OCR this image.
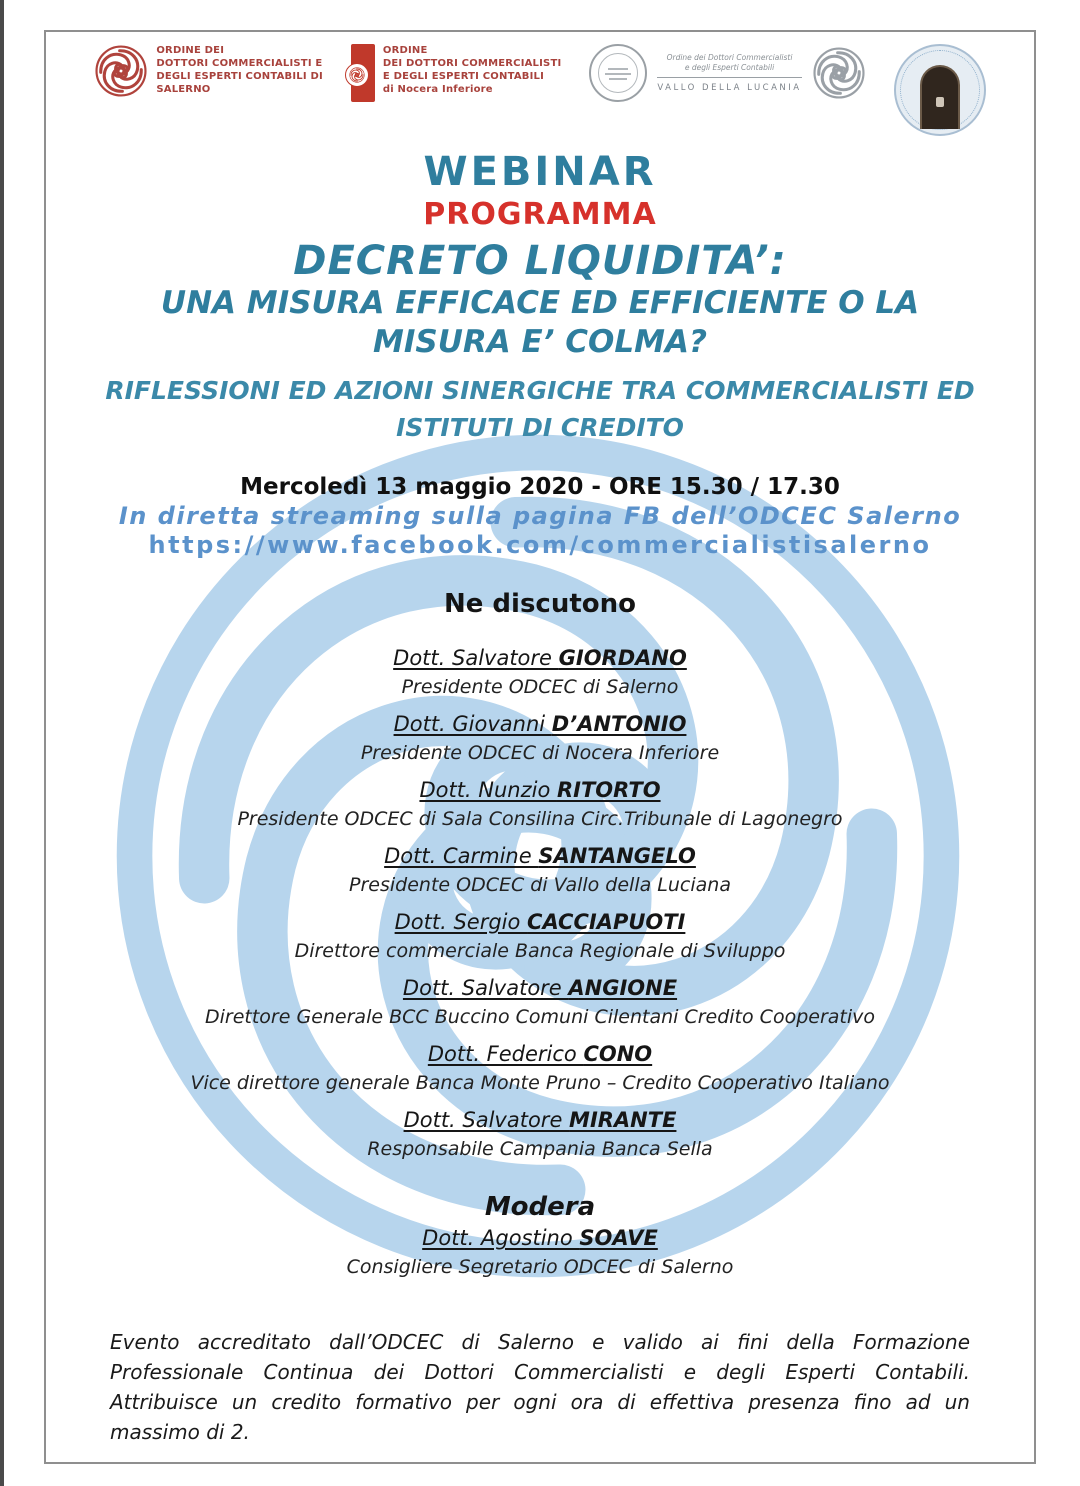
ORDINE DEI
DOTTORI COMMERCIALISTI E
DEGLI ESPERTI CONTABILI DI
SALERNO
ORDINE
DEI DOTTORI COMMERCIALISTI
E DEGLI ESPERTI CONTABILI
di Nocera Inferiore
Ordine dei Dottori Commercialisti
e degli Esperti Contabili
VALLO DELLA LUCANIA
WEBINAR
PROGRAMMA
DECRETO LIQUIDITA’:
UNA MISURA EFFICACE ED EFFICIENTE O LA
MISURA E’ COLMA?
RIFLESSIONI ED AZIONI SINERGICHE TRA COMMERCIALISTI ED
ISTITUTI DI CREDITO
Mercoledì 13 maggio 2020 - ORE 15.30 / 17.30
In diretta streaming sulla pagina FB dell’ODCEC Salerno
https://www.facebook.com/commercialistisalerno
Ne discutono
Dott. Salvatore GIORDANO
Presidente ODCEC di Salerno
Dott. Giovanni D’ANTONIO
Presidente ODCEC di Nocera Inferiore
Dott. Nunzio RITORTO
Presidente ODCEC di Sala Consilina Circ.Tribunale di Lagonegro
Dott. Carmine SANTANGELO
Presidente ODCEC di Vallo della Luciana
Dott. Sergio CACCIAPUOTI
Direttore commerciale Banca Regionale di Sviluppo
Dott. Salvatore ANGIONE
Direttore Generale BCC Buccino Comuni Cilentani Credito Cooperativo
Dott. Federico CONO
Vice direttore generale Banca Monte Pruno – Credito Cooperativo Italiano
Dott. Salvatore MIRANTE
Responsabile Campania Banca Sella
Modera
Dott. Agostino SOAVE
Consigliere Segretario ODCEC di Salerno
Evento accreditato dall’ODCEC di Salerno e valido ai fini della Formazione Professionale Continua dei Dottori Commercialisti e degli Esperti Contabili. Attribuisce un credito formativo per ogni ora di effettiva presenza fino ad un massimo di 2.
